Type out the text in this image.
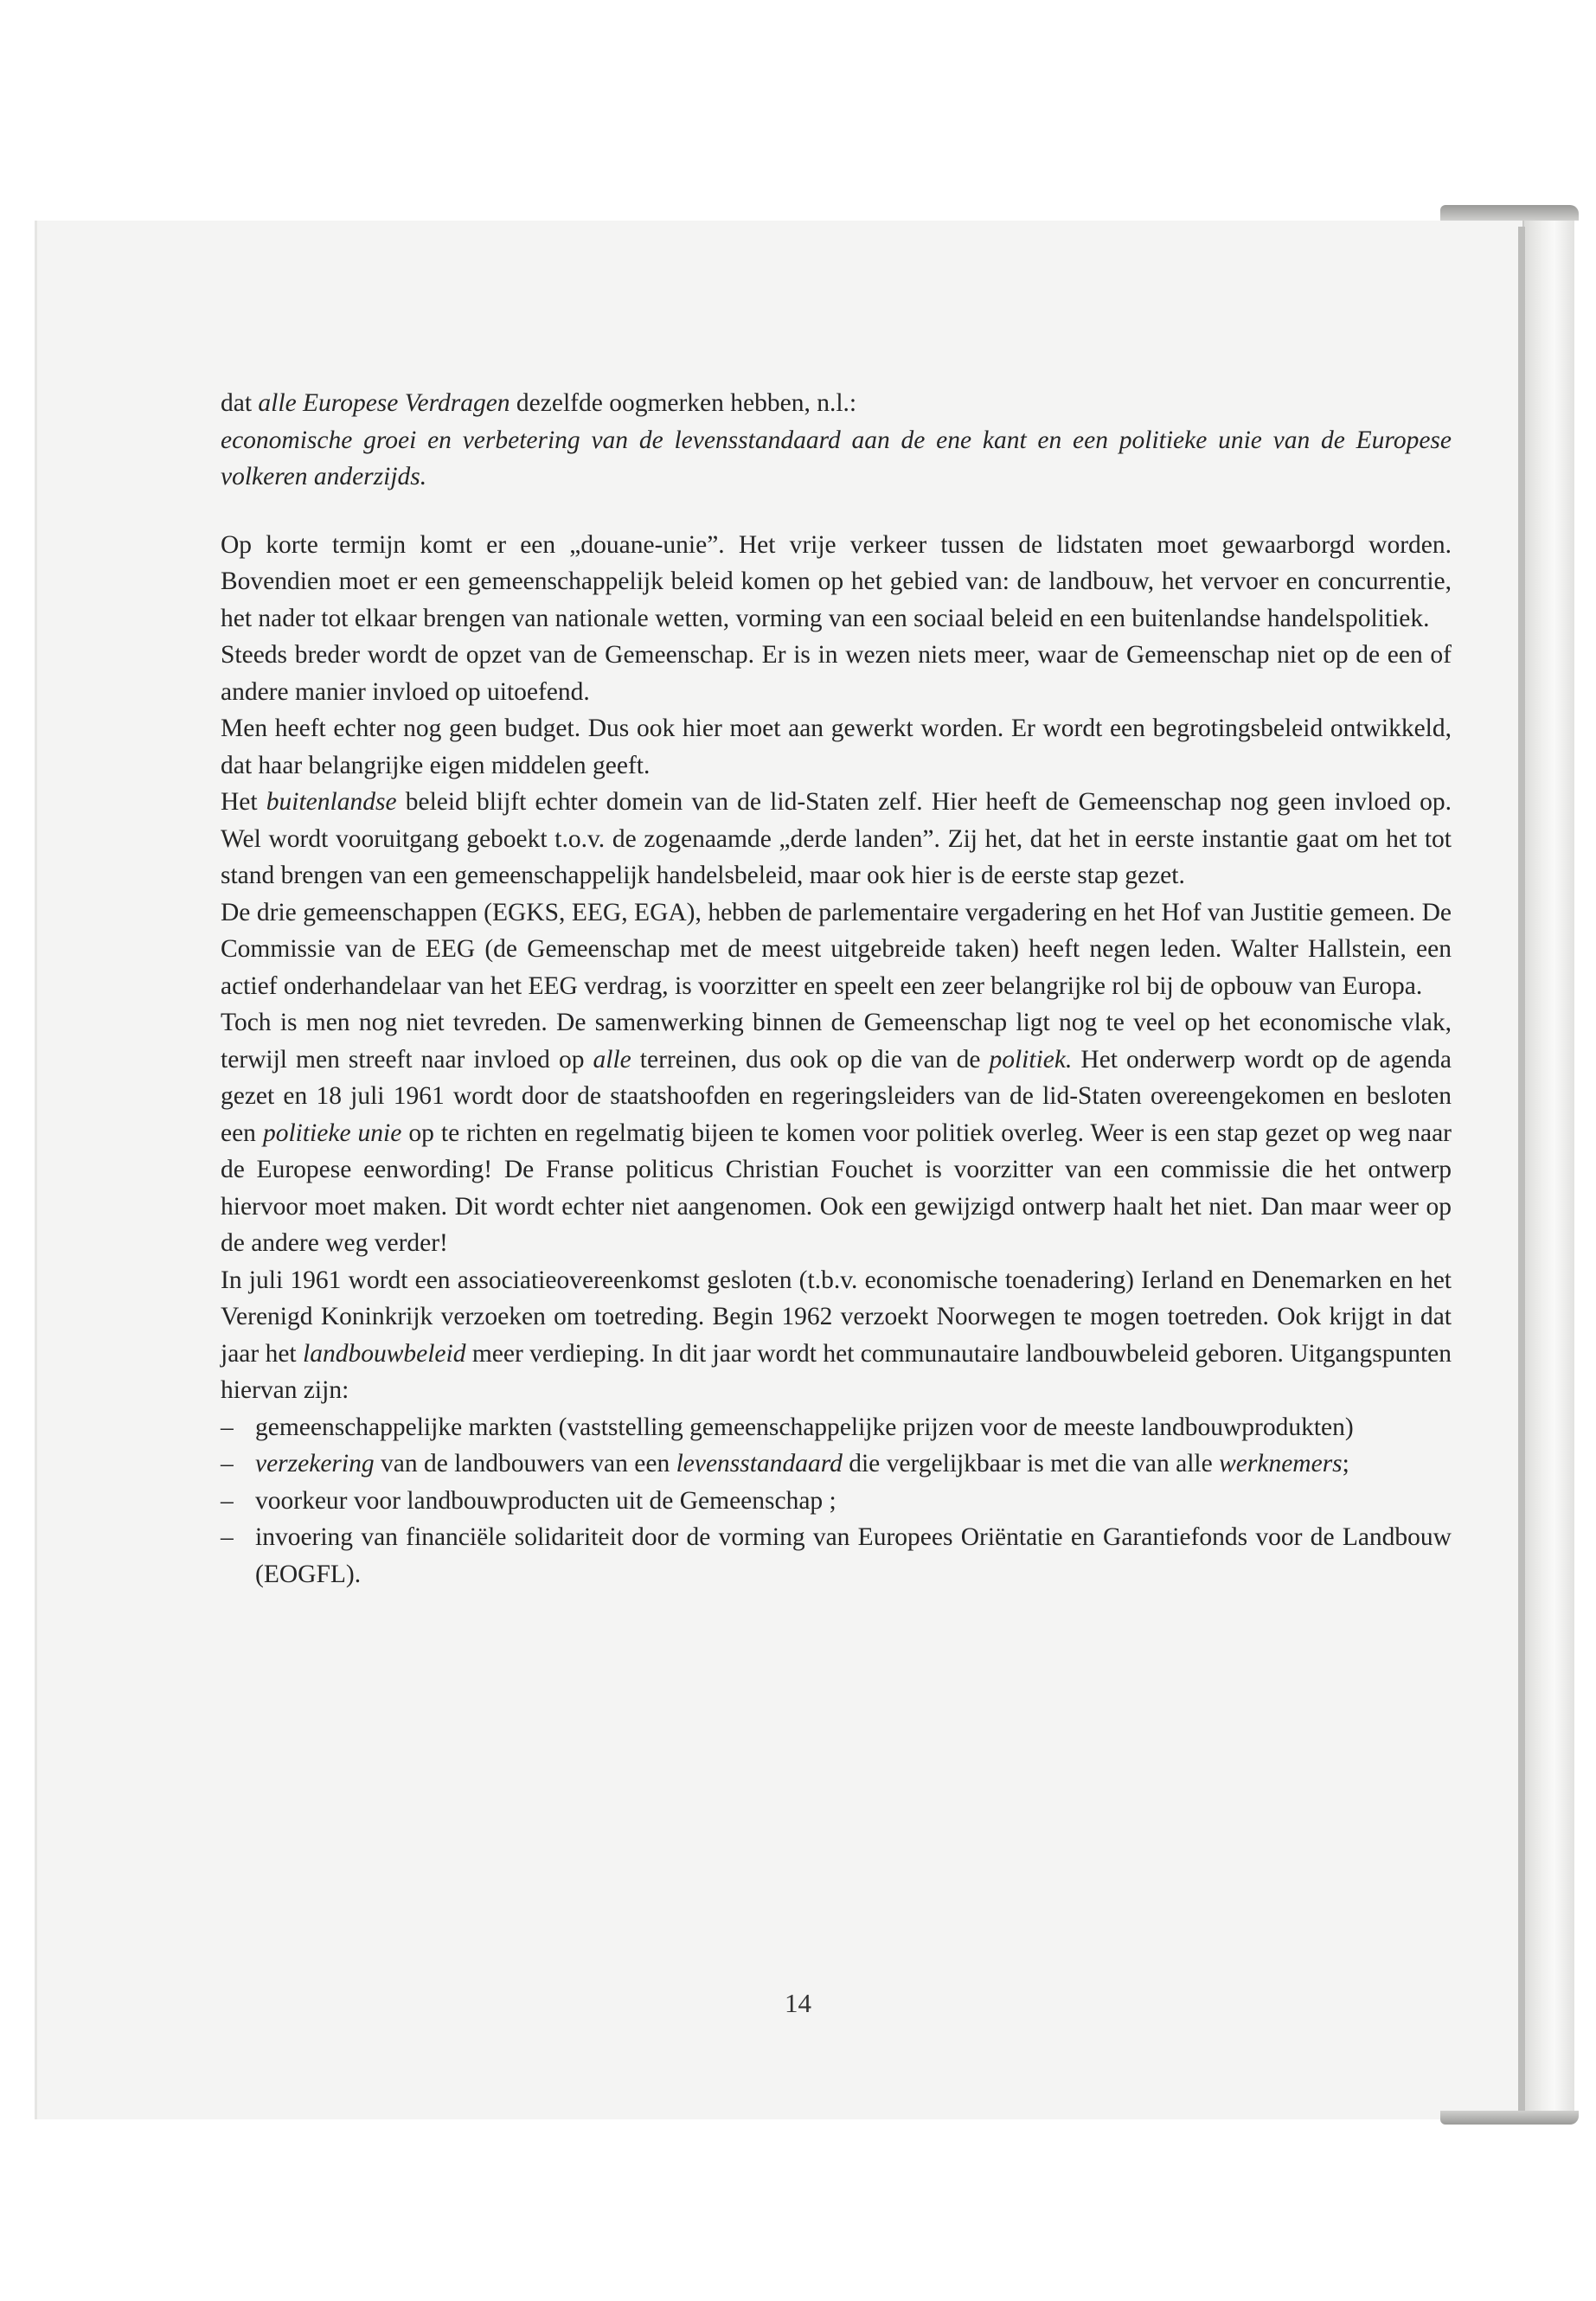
dat alle Europese Verdragen dezelfde oogmerken hebben, n.l.:
economische groei en verbetering van de levensstandaard aan de ene kant en een politieke unie van de Europese volkeren anderzijds.

Op korte termijn komt er een „douane-unie”. Het vrije verkeer tussen de lidstaten moet gewaarborgd worden. Bovendien moet er een gemeenschappelijk beleid komen op het gebied van: de landbouw, het vervoer en concurrentie, het nader tot elkaar brengen van nationale wetten, vorming van een sociaal beleid en een buitenlandse handelspolitiek.

Steeds breder wordt de opzet van de Gemeenschap. Er is in wezen niets meer, waar de Gemeenschap niet op de een of andere manier invloed op uitoefend.

Men heeft echter nog geen budget. Dus ook hier moet aan gewerkt worden. Er wordt een begrotingsbeleid ontwikkeld, dat haar belangrijke eigen middelen geeft.

Het buitenlandse beleid blijft echter domein van de lid-Staten zelf. Hier heeft de Gemeenschap nog geen invloed op. Wel wordt vooruitgang geboekt t.o.v. de zogenaamde „derde landen”. Zij het, dat het in eerste instantie gaat om het tot stand brengen van een gemeenschappelijk handelsbeleid, maar ook hier is de eerste stap gezet.

De drie gemeenschappen (EGKS, EEG, EGA), hebben de parlementaire vergadering en het Hof van Justitie gemeen. De Commissie van de EEG (de Gemeenschap met de meest uitgebreide taken) heeft negen leden. Walter Hallstein, een actief onderhandelaar van het EEG verdrag, is voorzitter en speelt een zeer belangrijke rol bij de opbouw van Europa.

Toch is men nog niet tevreden. De samenwerking binnen de Gemeenschap ligt nog te veel op het economische vlak, terwijl men streeft naar invloed op alle terreinen, dus ook op die van de politiek. Het onderwerp wordt op de agenda gezet en 18 juli 1961 wordt door de staatshoofden en regeringsleiders van de lid-Staten overeengekomen en besloten een politieke unie op te richten en regelmatig bijeen te komen voor politiek overleg. Weer is een stap gezet op weg naar de Europese eenwording! De Franse politicus Christian Fouchet is voorzitter van een commissie die het ontwerp hiervoor moet maken. Dit wordt echter niet aangenomen. Ook een gewijzigd ontwerp haalt het niet. Dan maar weer op de andere weg verder!

In juli 1961 wordt een associatieovereenkomst gesloten (t.b.v. economische toenadering) Ierland en Denemarken en het Verenigd Koninkrijk verzoeken om toetreding. Begin 1962 verzoekt Noorwegen te mogen toetreden. Ook krijgt in dat jaar het landbouwbeleid meer verdieping. In dit jaar wordt het communautaire landbouwbeleid geboren. Uitgangspunten hiervan zijn:

– gemeenschappelijke markten (vaststelling gemeenschappelijke prijzen voor de meeste landbouwprodukten)
– verzekering van de landbouwers van een levensstandaard die vergelijkbaar is met die van alle werknemers;
– voorkeur voor landbouwproducten uit de Gemeenschap ;
– invoering van financiële solidariteit door de vorming van Europees Oriëntatie en Garantiefonds voor de Landbouw (EOGFL).
14
